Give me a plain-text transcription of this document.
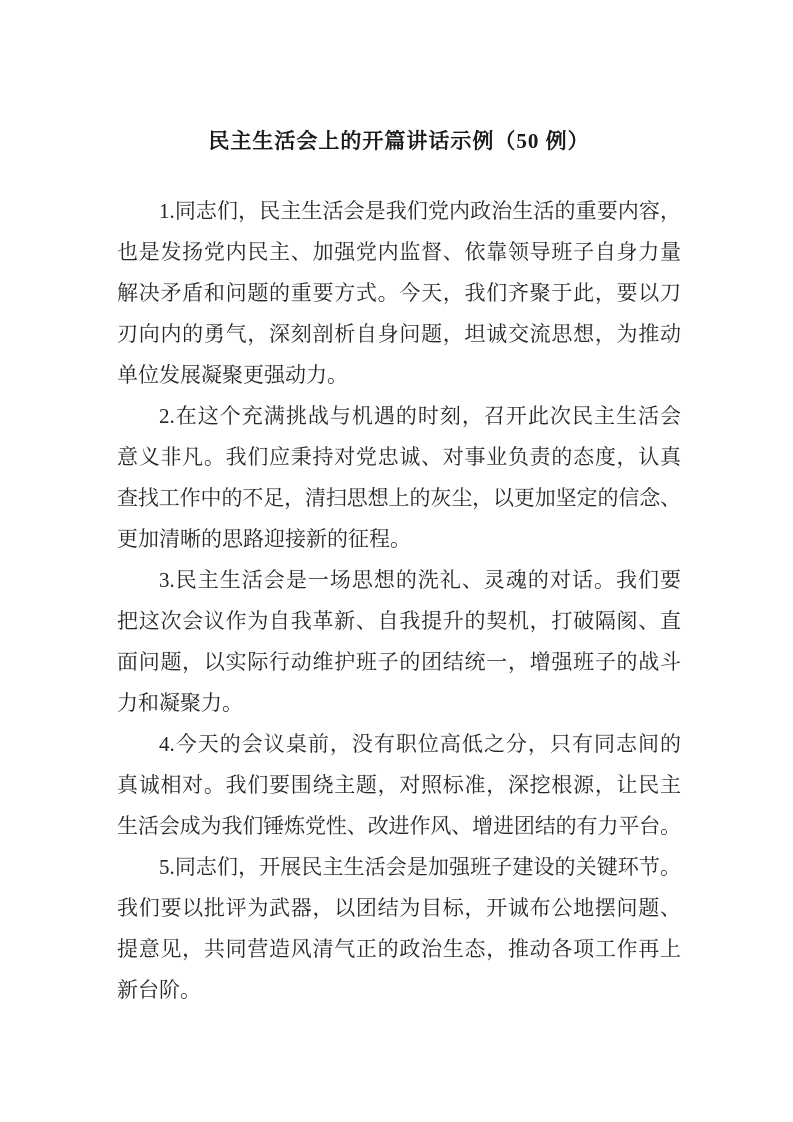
民主生活会上的开篇讲话示例（50 例）
1.同志们，民主生活会是我们党内政治生活的重要内容，
也是发扬党内民主、加强党内监督、依靠领导班子自身力量
解决矛盾和问题的重要方式。今天，我们齐聚于此，要以刀
刃向内的勇气，深刻剖析自身问题，坦诚交流思想，为推动
单位发展凝聚更强动力。
2.在这个充满挑战与机遇的时刻，召开此次民主生活会
意义非凡。我们应秉持对党忠诚、对事业负责的态度，认真
查找工作中的不足，清扫思想上的灰尘，以更加坚定的信念、
更加清晰的思路迎接新的征程。
3.民主生活会是一场思想的洗礼、灵魂的对话。我们要
把这次会议作为自我革新、自我提升的契机，打破隔阂、直
面问题，以实际行动维护班子的团结统一，增强班子的战斗
力和凝聚力。
4.今天的会议桌前，没有职位高低之分，只有同志间的
真诚相对。我们要围绕主题，对照标准，深挖根源，让民主
生活会成为我们锤炼党性、改进作风、增进团结的有力平台。
5.同志们，开展民主生活会是加强班子建设的关键环节。
我们要以批评为武器，以团结为目标，开诚布公地摆问题、
提意见，共同营造风清气正的政治生态，推动各项工作再上
新台阶。
